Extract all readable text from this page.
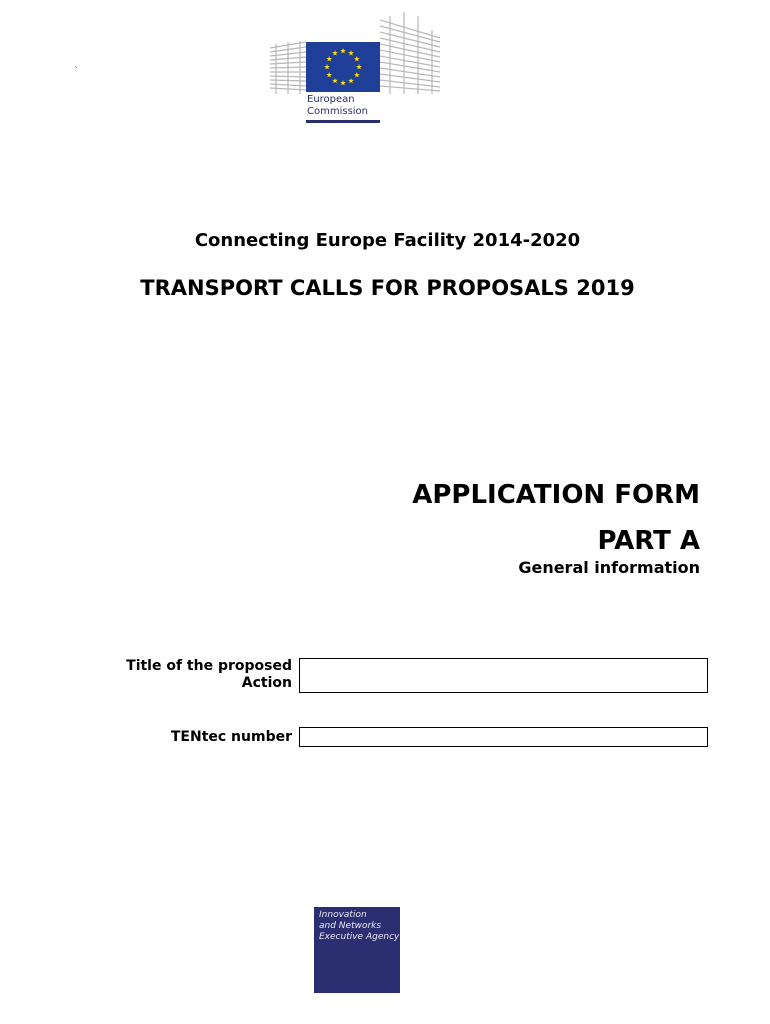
European
Commission
`
Connecting Europe Facility 2014-2020
TRANSPORT CALLS FOR PROPOSALS 2019
APPLICATION FORM
PART A
General information
Title of the proposed Action
TENtec number
Innovation
and Networks
Executive Agency
